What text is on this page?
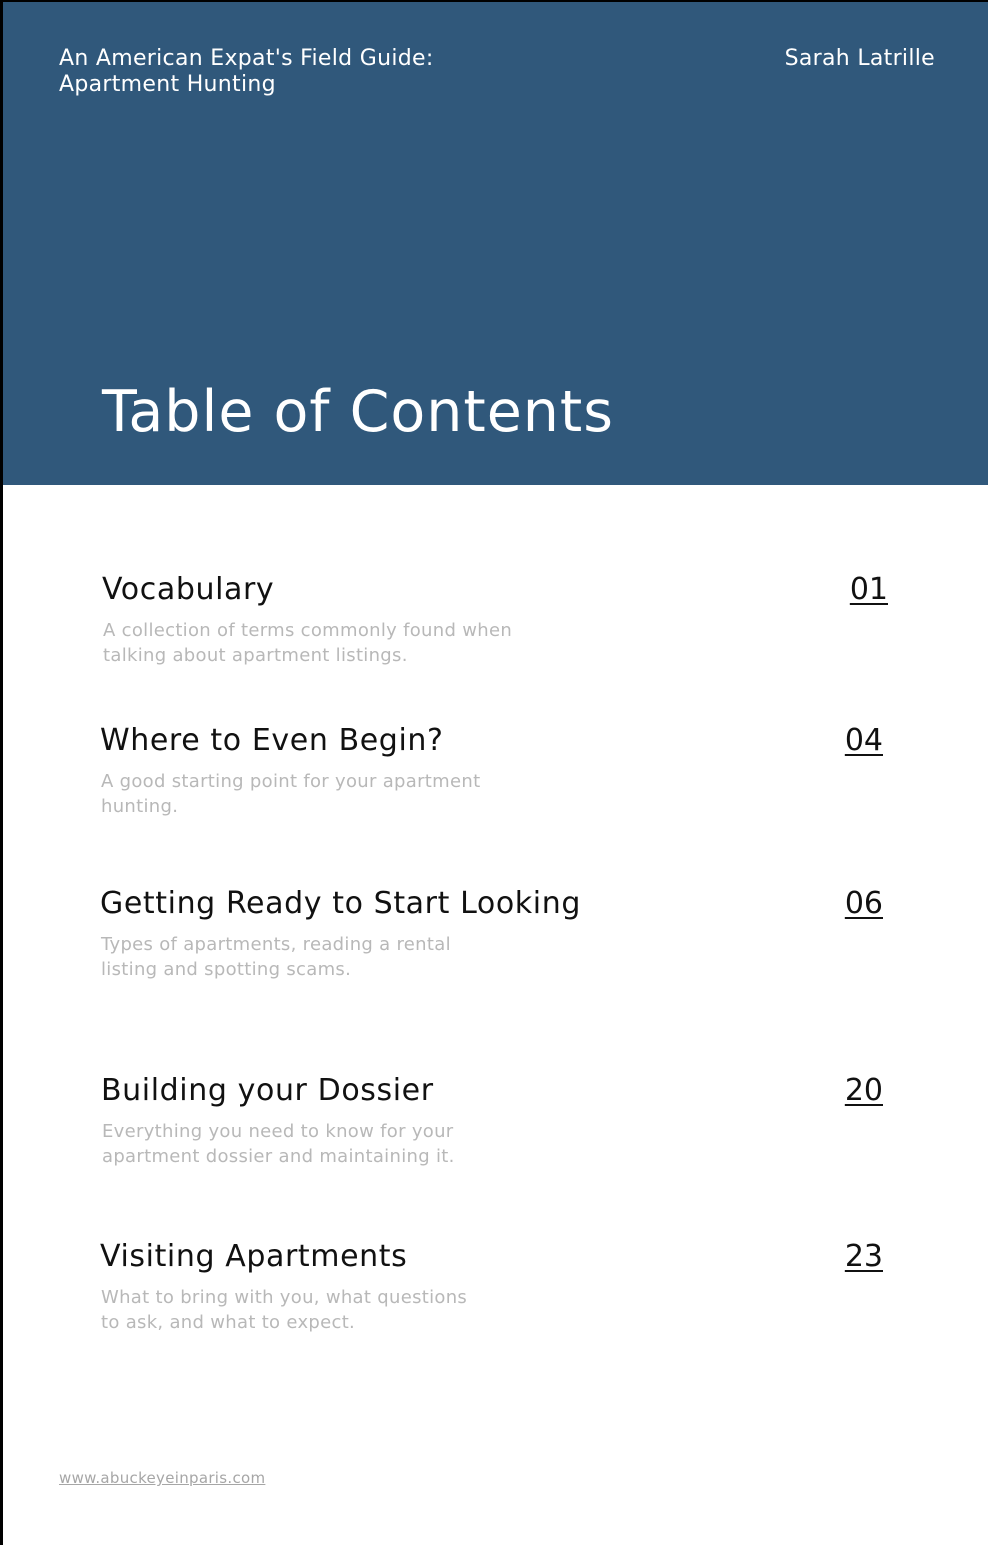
An American Expat's Field Guide:
Apartment Hunting
Sarah Latrille
Table of Contents
Vocabulary	01
A collection of terms commonly found when
talking about apartment listings.
Where to Even Begin?	04
A good starting point for your apartment
hunting.
Getting Ready to Start Looking	06
Types of apartments, reading a rental
listing and spotting scams.
Building your Dossier	20
Everything you need to know for your
apartment dossier and maintaining it.
Visiting Apartments	23
What to bring with you, what questions
to ask, and what to expect.
www.abuckeyeinparis.com
